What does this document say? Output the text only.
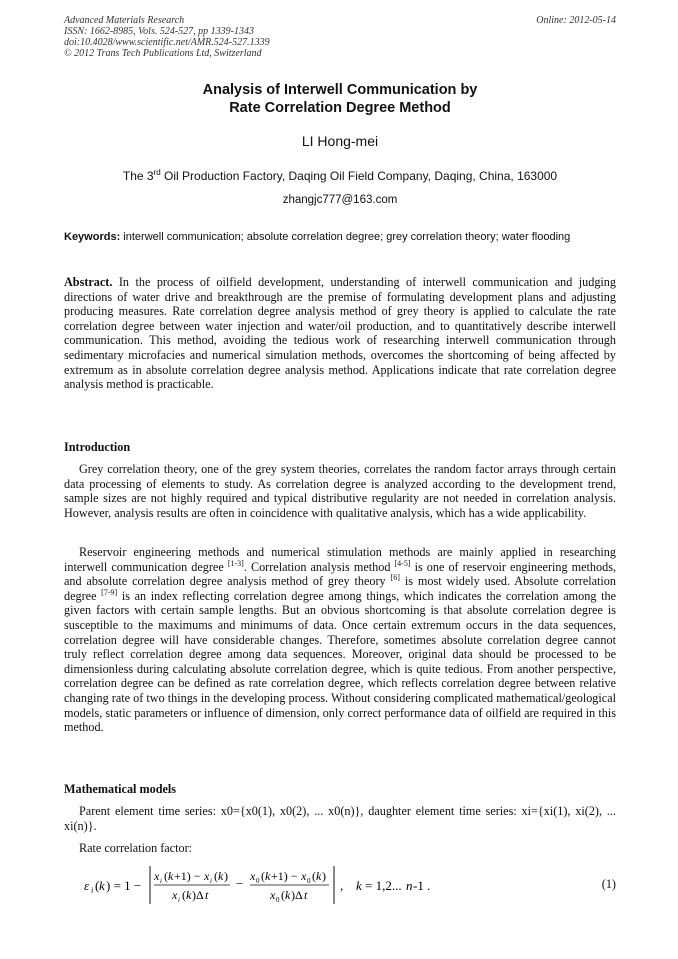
Advanced Materials Research
ISSN: 1662-8985, Vols. 524-527, pp 1339-1343
doi:10.4028/www.scientific.net/AMR.524-527.1339
© 2012 Trans Tech Publications Ltd, Switzerland
Online: 2012-05-14
Analysis of Interwell Communication by
Rate Correlation Degree Method
LI Hong-mei
The 3rd Oil Production Factory, Daqing Oil Field Company, Daqing, China, 163000
zhangjc777@163.com
Keywords: interwell communication; absolute correlation degree; grey correlation theory; water flooding
Abstract. In the process of oilfield development, understanding of interwell communication and judging directions of water drive and breakthrough are the premise of formulating development plans and adjusting producing measures. Rate correlation degree analysis method of grey theory is applied to calculate the rate correlation degree between water injection and water/oil production, and to quantitatively describe interwell communication. This method, avoiding the tedious work of researching interwell communication through sedimentary microfacies and numerical simulation methods, overcomes the shortcoming of being affected by extremum as in absolute correlation degree analysis method. Applications indicate that rate correlation degree analysis method is practicable.
Introduction
Grey correlation theory, one of the grey system theories, correlates the random factor arrays through certain data processing of elements to study. As correlation degree is analyzed according to the development trend, sample sizes are not highly required and typical distributive regularity are not needed in correlation analysis. However, analysis results are often in coincidence with qualitative analysis, which has a wide applicability.
Reservoir engineering methods and numerical stimulation methods are mainly applied in researching interwell communication degree [1-3]. Correlation analysis method [4-5] is one of reservoir engineering methods, and absolute correlation degree analysis method of grey theory [6] is most widely used. Absolute correlation degree [7-9] is an index reflecting correlation degree among things, which indicates the correlation among the given factors with certain sample lengths. But an obvious shortcoming is that absolute correlation degree is susceptible to the maximums and minimums of data. Once certain extremum occurs in the data sequences, correlation degree will have considerable changes. Therefore, sometimes absolute correlation degree cannot truly reflect correlation degree among data sequences. Moreover, original data should be processed to be dimensionless during calculating absolute correlation degree, which is quite tedious. From another perspective, correlation degree can be defined as rate correlation degree, which reflects correlation degree between relative changing rate of two things in the developing process. Without considering complicated mathematical/geological models, static parameters or influence of dimension, only correct performance data of oilfield are required in this method.
Mathematical models
Parent element time series: x0={x0(1), x0(2), ... x0(n)}, daughter element time series: xi={xi(1), xi(2), ... xi(n)}.
Rate correlation factor:
ε i ( k ) = 1 −
x i ( k +1) − x i ( k )
x i ( k )Δ t
− x 0 ( k +1) − x 0 ( k )
x 0 ( k )Δ t
, k = 1,2... n -1 .	(1)
